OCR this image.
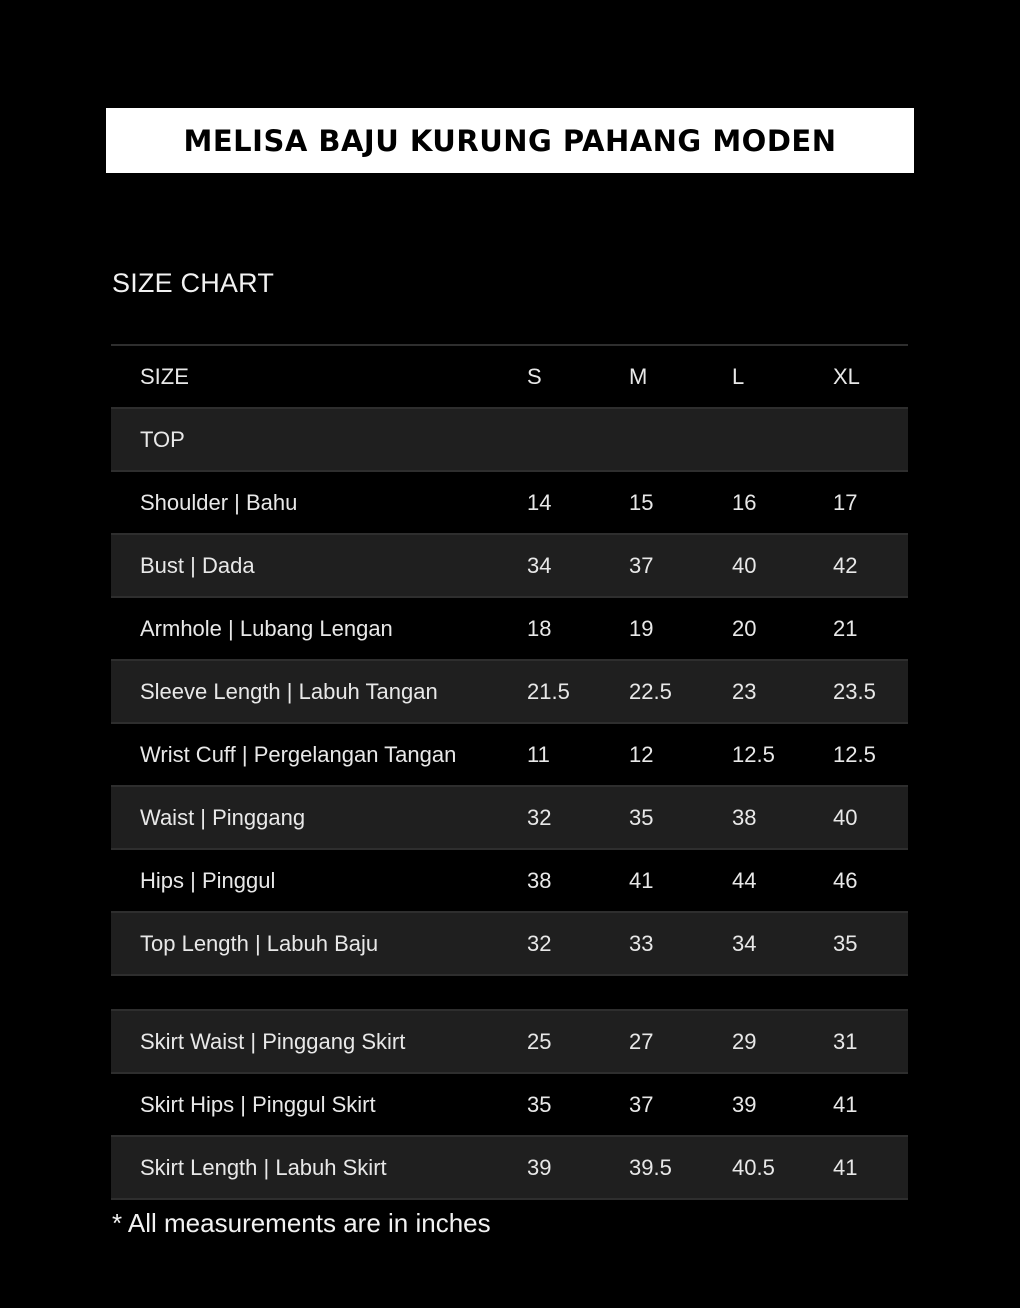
MELISA BAJU KURUNG PAHANG MODEN
SIZE CHART
SIZE	S	M	L	XL
TOP
Shoulder | Bahu	14	15	16	17
Bust | Dada	34	37	40	42
Armhole | Lubang Lengan	18	19	20	21
Sleeve Length | Labuh Tangan	21.5	22.5	23	23.5
Wrist Cuff | Pergelangan Tangan	11	12	12.5	12.5
Waist | Pinggang	32	35	38	40
Hips | Pinggul	38	41	44	46
Top Length | Labuh Baju	32	33	34	35
Skirt Waist | Pinggang Skirt	25	27	29	31
Skirt Hips | Pinggul Skirt	35	37	39	41
Skirt Length | Labuh Skirt	39	39.5	40.5	41
* All measurements are in inches
